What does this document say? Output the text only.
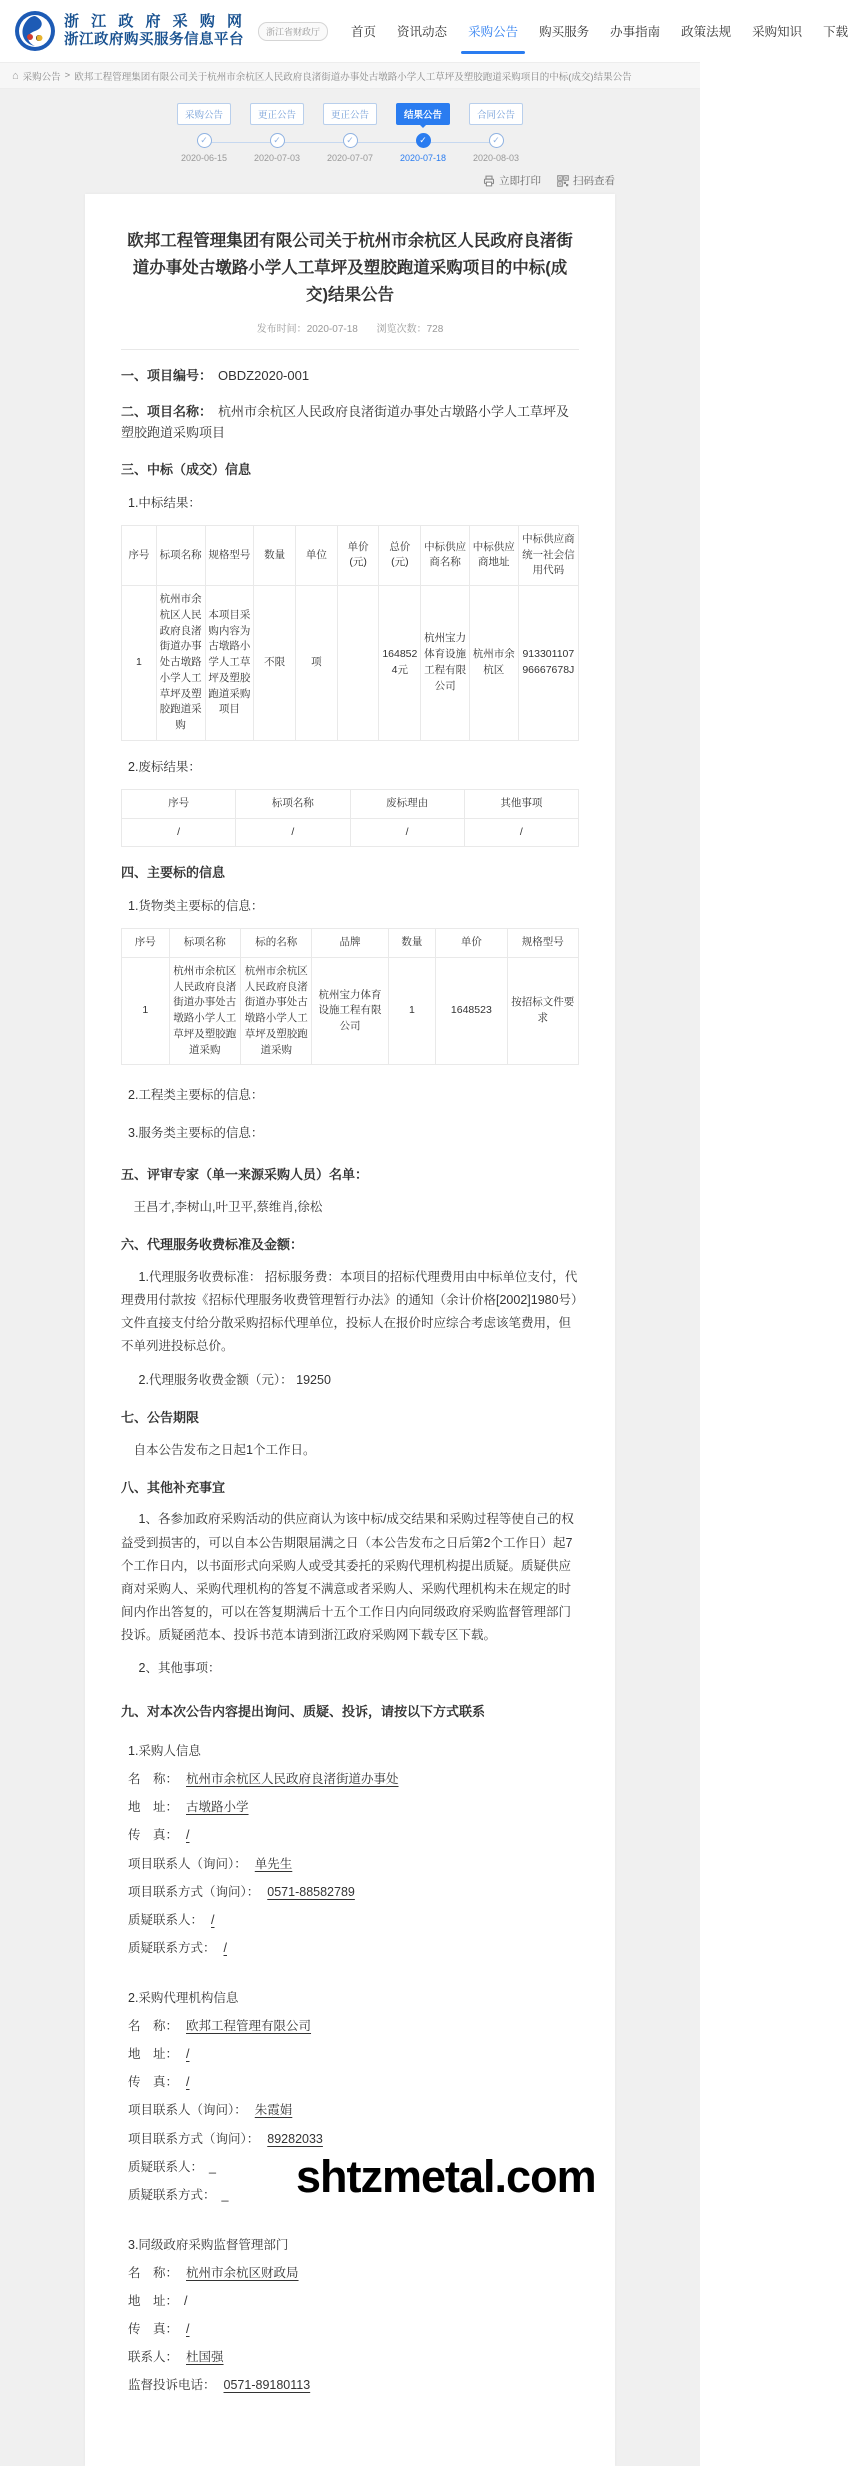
浙 江 政 府 采 购 网
浙江政府购买服务信息平台
浙江省财政厅	首页 资讯动态 采购公告 购买服务 办事指南 政策法规 采购知识 下载
⌂ 采购公告 > 欧邦工程管理集团有限公司关于杭州市余杭区人民政府良渚街道办事处古墩路小学人工草坪及塑胶跑道采购项目的中标(成交)结果公告
采购公告
✓
2020-06-15
更正公告
✓
2020-07-03
更正公告
✓
2020-07-07
结果公告
✓
2020-07-18
合同公告
✓
2020-08-03
立即打印	扫码查看
欧邦工程管理集团有限公司关于杭州市余杭区人民政府良渚街道办事处古墩路小学人工草坪及塑胶跑道采购项目的中标(成交)结果公告
发布时间：2020-07-18 浏览次数：728
一、项目编号： OBDZ2020-001
二、项目名称： 杭州市余杭区人民政府良渚街道办事处古墩路小学人工草坪及塑胶跑道采购项目
三、中标（成交）信息
1.中标结果：
序号	标项名称	规格型号	数量	单位	单价(元)	总价(元)	中标供应商名称	中标供应商地址	中标供应商统一社会信用代码
1	杭州市余杭区人民政府良渚街道办事处古墩路小学人工草坪及塑胶跑道采购	本项目采购内容为古墩路小学人工草坪及塑胶跑道采购项目	不限	项		1648524元	杭州宝力体育设施工程有限公司	杭州市余杭区	91330110796667678J
2.废标结果：
序号	标项名称	废标理由	其他事项
/	/	/	/
四、主要标的信息
1.货物类主要标的信息：
序号	标项名称	标的名称	品牌	数量	单价	规格型号
1	杭州市余杭区人民政府良渚街道办事处古墩路小学人工草坪及塑胶跑道采购	杭州市余杭区人民政府良渚街道办事处古墩路小学人工草坪及塑胶跑道采购	杭州宝力体育设施工程有限公司	1	1648523	按招标文件要求
2.工程类主要标的信息：
3.服务类主要标的信息：
五、评审专家（单一来源采购人员）名单：

王昌才,李树山,叶卫平,蔡维肖,徐松

六、代理服务收费标准及金额：

1.代理服务收费标准： 招标服务费：本项目的招标代理费用由中标单位支付，代理费用付款按《招标代理服务收费管理暂行办法》的通知（余计价格[2002]1980号）文件直接支付给分散采购招标代理单位，投标人在报价时应综合考虑该笔费用，但不单列进投标总价。

2.代理服务收费金额（元）： 19250

七、公告期限

自本公告发布之日起1个工作日。

八、其他补充事宜

1、各参加政府采购活动的供应商认为该中标/成交结果和采购过程等使自己的权益受到损害的，可以自本公告期限届满之日（本公告发布之日后第2个工作日）起7个工作日内，以书面形式向采购人或受其委托的采购代理机构提出质疑。质疑供应商对采购人、采购代理机构的答复不满意或者采购人、采购代理机构未在规定的时间内作出答复的，可以在答复期满后十五个工作日内向同级政府采购监督管理部门投诉。质疑函范本、投诉书范本请到浙江政府采购网下载专区下载。

2、其他事项：

九、对本次公告内容提出询问、质疑、投诉，请按以下方式联系
1.采购人信息
名　称： 杭州市余杭区人民政府良渚街道办事处
地　址： 古墩路小学
传　真： /
项目联系人（询问）： 单先生
项目联系方式（询问）： 0571-88582789
质疑联系人： /
质疑联系方式： /
2.采购代理机构信息
名　称： 欧邦工程管理有限公司
地　址： /
传　真： /
项目联系人（询问）： 朱霞娟
项目联系方式（询问）： 89282033
质疑联系人： _
质疑联系方式： _
3.同级政府采购监督管理部门
名　称： 杭州市余杭区财政局
地　址： /
传　真： /
联系人： 杜国强
监督投诉电话： 0571-89180113
shtzmetal.com
